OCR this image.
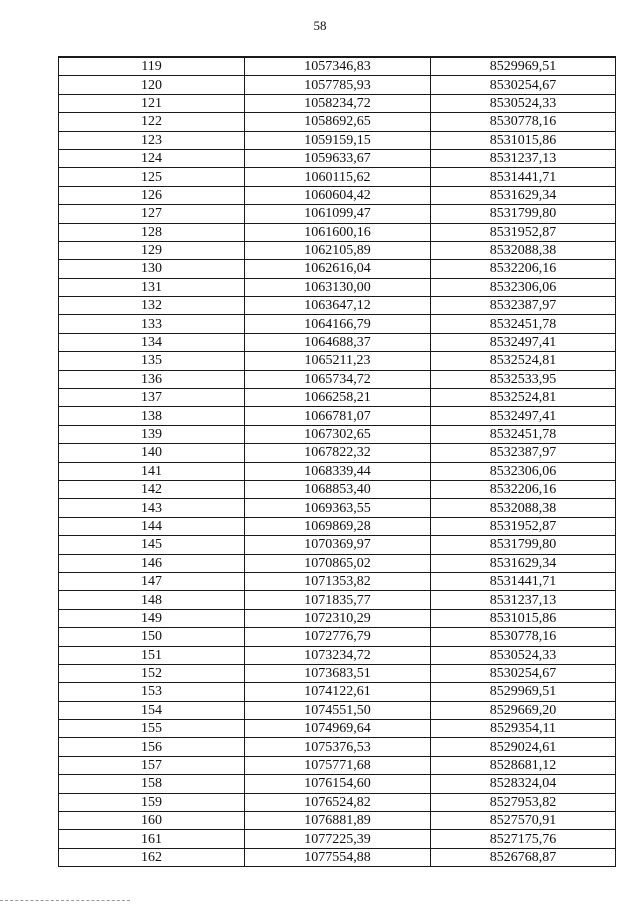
58
119	1057346,83	8529969,51
120	1057785,93	8530254,67
121	1058234,72	8530524,33
122	1058692,65	8530778,16
123	1059159,15	8531015,86
124	1059633,67	8531237,13
125	1060115,62	8531441,71
126	1060604,42	8531629,34
127	1061099,47	8531799,80
128	1061600,16	8531952,87
129	1062105,89	8532088,38
130	1062616,04	8532206,16
131	1063130,00	8532306,06
132	1063647,12	8532387,97
133	1064166,79	8532451,78
134	1064688,37	8532497,41
135	1065211,23	8532524,81
136	1065734,72	8532533,95
137	1066258,21	8532524,81
138	1066781,07	8532497,41
139	1067302,65	8532451,78
140	1067822,32	8532387,97
141	1068339,44	8532306,06
142	1068853,40	8532206,16
143	1069363,55	8532088,38
144	1069869,28	8531952,87
145	1070369,97	8531799,80
146	1070865,02	8531629,34
147	1071353,82	8531441,71
148	1071835,77	8531237,13
149	1072310,29	8531015,86
150	1072776,79	8530778,16
151	1073234,72	8530524,33
152	1073683,51	8530254,67
153	1074122,61	8529969,51
154	1074551,50	8529669,20
155	1074969,64	8529354,11
156	1075376,53	8529024,61
157	1075771,68	8528681,12
158	1076154,60	8528324,04
159	1076524,82	8527953,82
160	1076881,89	8527570,91
161	1077225,39	8527175,76
162	1077554,88	8526768,87
